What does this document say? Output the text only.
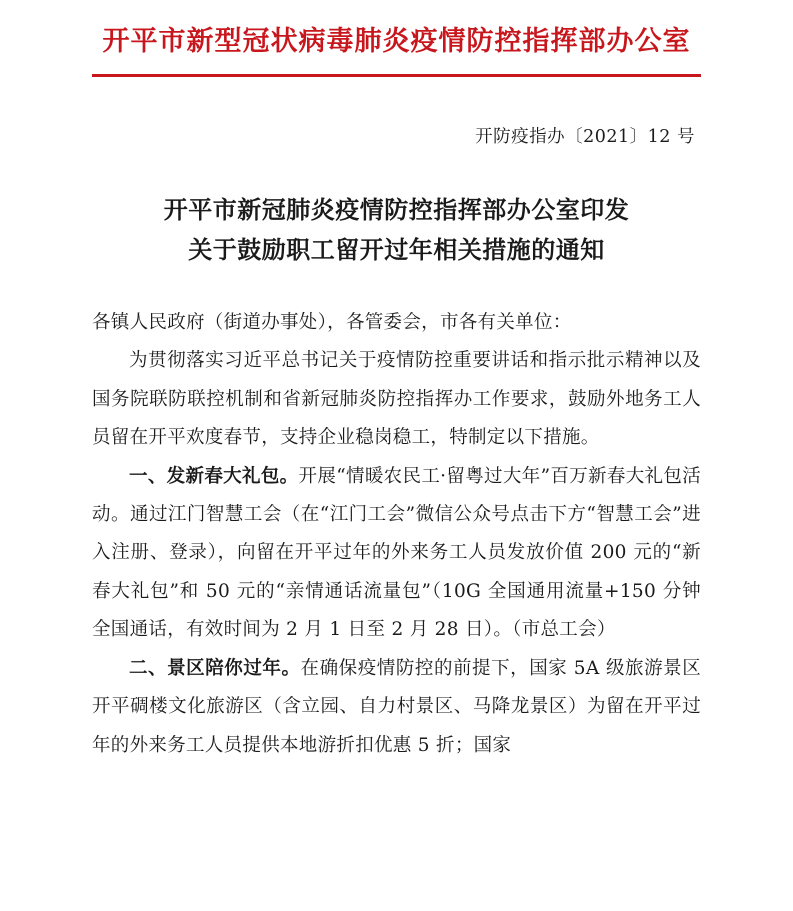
开平市新型冠状病毒肺炎疫情防控指挥部办公室
开防疫指办〔2021〕12 号
开平市新冠肺炎疫情防控指挥部办公室印发
关于鼓励职工留开过年相关措施的通知

各镇人民政府（街道办事处），各管委会，市各有关单位：

为贯彻落实习近平总书记关于疫情防控重要讲话和指示批示精神以及国务院联防联控机制和省新冠肺炎防控指挥办工作要求，鼓励外地务工人员留在开平欢度春节，支持企业稳岗稳工，特制定以下措施。

一、发新春大礼包。开展“情暖农民工·留粤过大年”百万新春大礼包活动。通过江门智慧工会（在“江门工会”微信公众号点击下方“智慧工会”进入注册、登录），向留在开平过年的外来务工人员发放价值 200 元的“新春大礼包”和 50 元的“亲情通话流量包”（10G 全国通用流量+150 分钟全国通话，有效时间为 2 月 1 日至 2 月 28 日）。（市总工会）

二、景区陪你过年。在确保疫情防控的前提下，国家 5A 级旅游景区开平碉楼文化旅游区（含立园、自力村景区、马降龙景区）为留在开平过年的外来务工人员提供本地游折扣优惠 5 折；国家
